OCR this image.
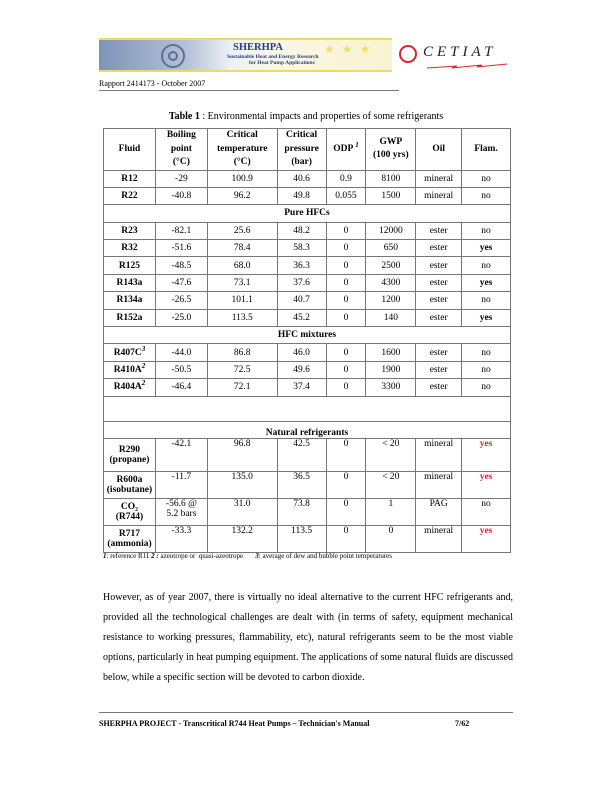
★ ★ ★
SHERHPA
Sustainable Heat and Energy Research
for Heat Pump Applications
CETIAT
Rapport 2414173 - October 2007
Table 1 : Environmental impacts and properties of some refrigerants
Fluid	Boiling
point
(°C)	Critical
temperature
(°C)	Critical
pressure
(bar)	ODP $^1$	GWP
(100 yrs)	Oil	Flam.
R12	-29	100.9	40.6	0.9	8100	mineral	no
R22	-40.8	96.2	49.8	0.055	1500	mineral	no
Pure HFCs							
R23	-82.1	25.6	48.2	0	12000	ester	no
R32	-51.6	78.4	58.3	0	650	ester	yes
R125	-48.5	68.0	36.3	0	2500	ester	no
R143a	-47.6	73.1	37.6	0	4300	ester	yes
R134a	-26.5	101.1	40.7	0	1200	ester	no
R152a	-25.0	113.5	45.2	0	140	ester	yes
HFC mixtures							
$R407C^3$	-44.0	86.8	46.0	0	1600	ester	no
$R410A^2$	-50.5	72.5	49.6	0	1900	ester	no
$R404A^2$	-46.4	72.1	37.4	0	3300	ester	no

Natural refrigerants							
R290
(propane)	-42.1	96.8	42.5	0	< 20	mineral	yes
R600a
(isobutane)	-11.7	135.0	36.5	0	< 20	mineral	yes
CO₂
(R744)	-56.6 @
5.2 bars	31.0	73.8	0	1	PAG	no
R717
(ammonia)	-33.3	132.2	113.5	0	0	mineral	yes
1: reference R11 2 : azeotrope or  quasi-azeotrope       3: average of dew and bubble point temperatures
However, as of year 2007, there is virtually no ideal alternative to the current HFC refrigerants and, provided all the technological challenges are dealt with (in terms of safety, equipment mechanical resistance to working pressures, flammability, etc), natural refrigerants seem to be the most viable options, particularly in heat pumping equipment. The applications of some natural fluids are discussed below, while a specific section will be devoted to carbon dioxide.
SHERPHA PROJECT - Transcritical R744 Heat Pumps – Technician's Manual	7/62
